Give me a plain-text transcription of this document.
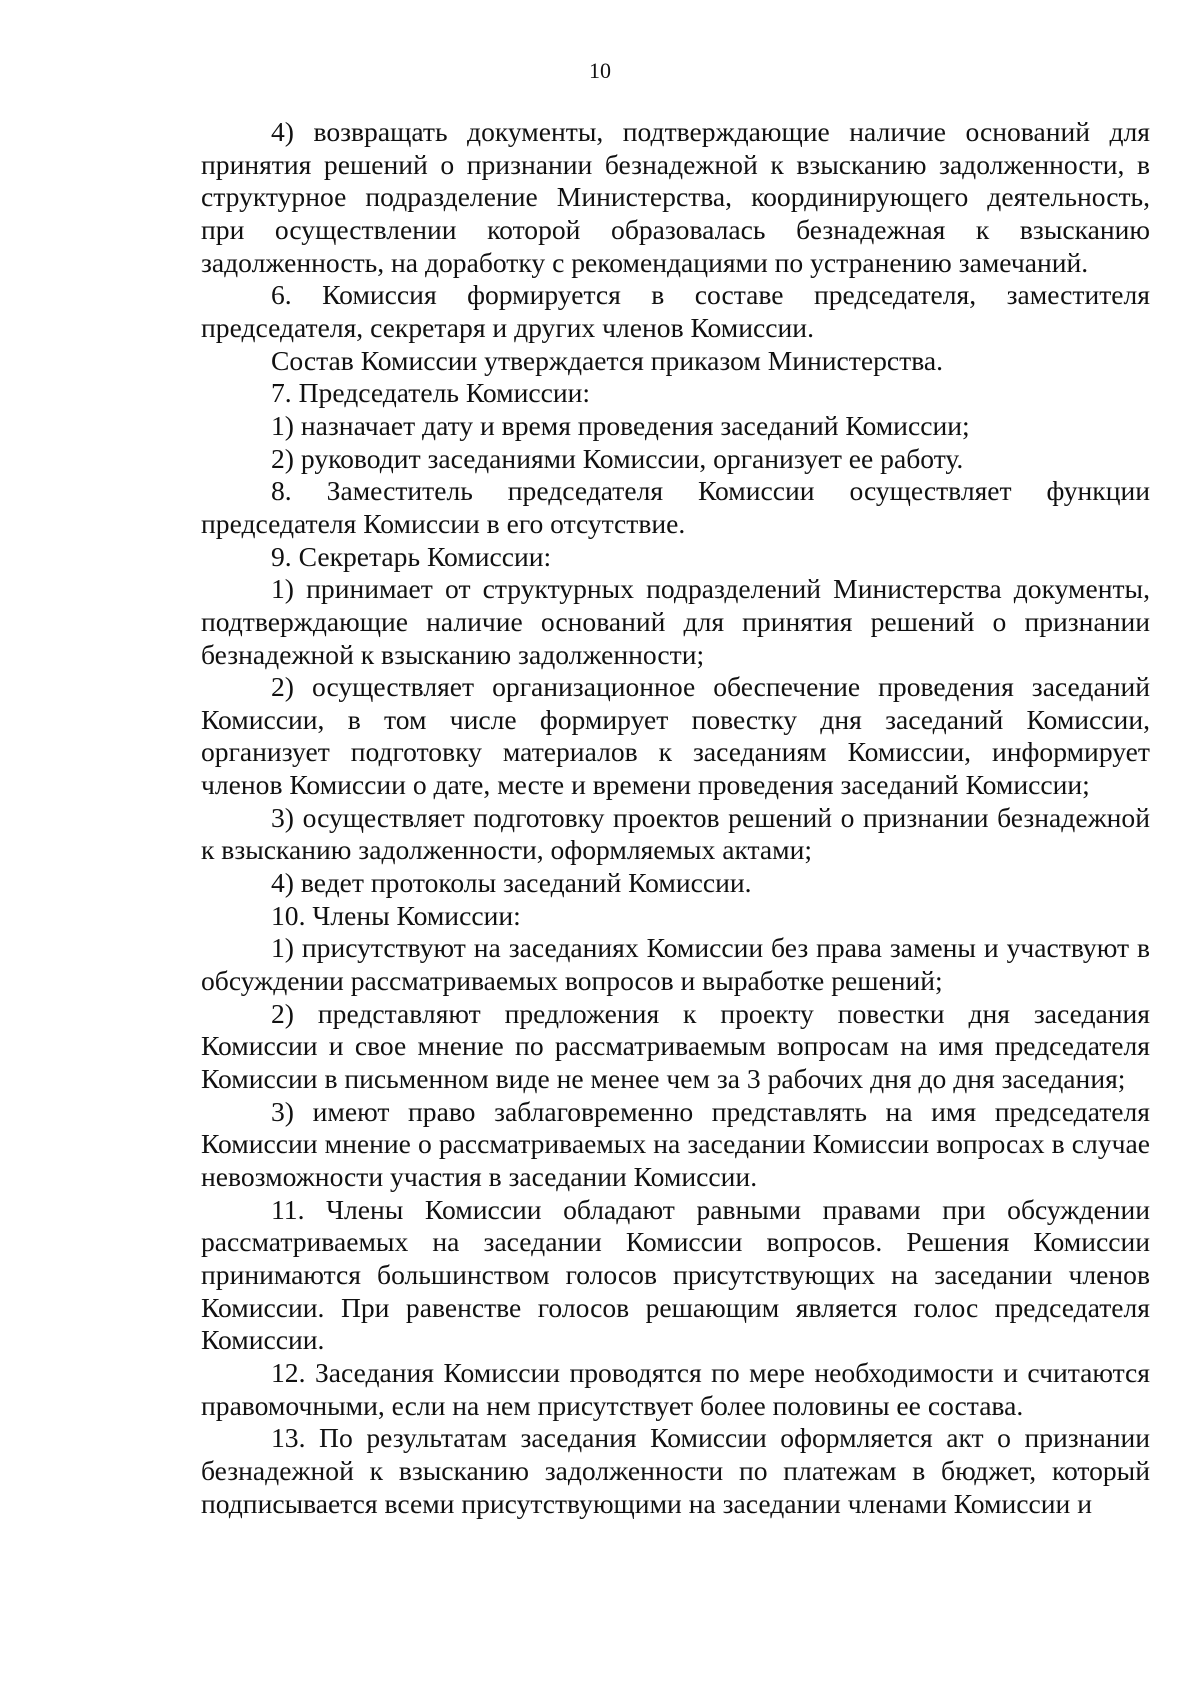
10

4) возвращать документы, подтверждающие наличие оснований для принятия решений о признании безнадежной к взысканию задолженности, в структурное подразделение Министерства, координирующего деятельность, при осуществлении которой образовалась безнадежная к взысканию задолженность, на доработку с рекомендациями по устранению замечаний.

6. Комиссия формируется в составе председателя, заместителя председателя, секретаря и других членов Комиссии.

Состав Комиссии утверждается приказом Министерства.

7. Председатель Комиссии:

1) назначает дату и время проведения заседаний Комиссии;

2) руководит заседаниями Комиссии, организует ее работу.

8. Заместитель председателя Комиссии осуществляет функции председателя Комиссии в его отсутствие.

9. Секретарь Комиссии:

1) принимает от структурных подразделений Министерства документы, подтверждающие наличие оснований для принятия решений о признании безнадежной к взысканию задолженности;

2) осуществляет организационное обеспечение проведения заседаний Комиссии, в том числе формирует повестку дня заседаний Комиссии, организует подготовку материалов к заседаниям Комиссии, информирует членов Комиссии о дате, месте и времени проведения заседаний Комиссии;

3) осуществляет подготовку проектов решений о признании безнадежной к взысканию задолженности, оформляемых актами;

4) ведет протоколы заседаний Комиссии.

10. Члены Комиссии:

1) присутствуют на заседаниях Комиссии без права замены и участвуют в обсуждении рассматриваемых вопросов и выработке решений;

2) представляют предложения к проекту повестки дня заседания Комиссии и свое мнение по рассматриваемым вопросам на имя председателя Комиссии в письменном виде не менее чем за 3 рабочих дня до дня заседания;

3) имеют право заблаговременно представлять на имя председателя Комиссии мнение о рассматриваемых на заседании Комиссии вопросах в случае невозможности участия в заседании Комиссии.

11. Члены Комиссии обладают равными правами при обсуждении рассматриваемых на заседании Комиссии вопросов. Решения Комиссии принимаются большинством голосов присутствующих на заседании членов Комиссии. При равенстве голосов решающим является голос председателя Комиссии.

12. Заседания Комиссии проводятся по мере необходимости и считаются правомочными, если на нем присутствует более половины ее состава.

13. По результатам заседания Комиссии оформляется акт о признании безнадежной к взысканию задолженности по платежам в бюджет, который подписывается всеми присутствующими на заседании членами Комиссии и
